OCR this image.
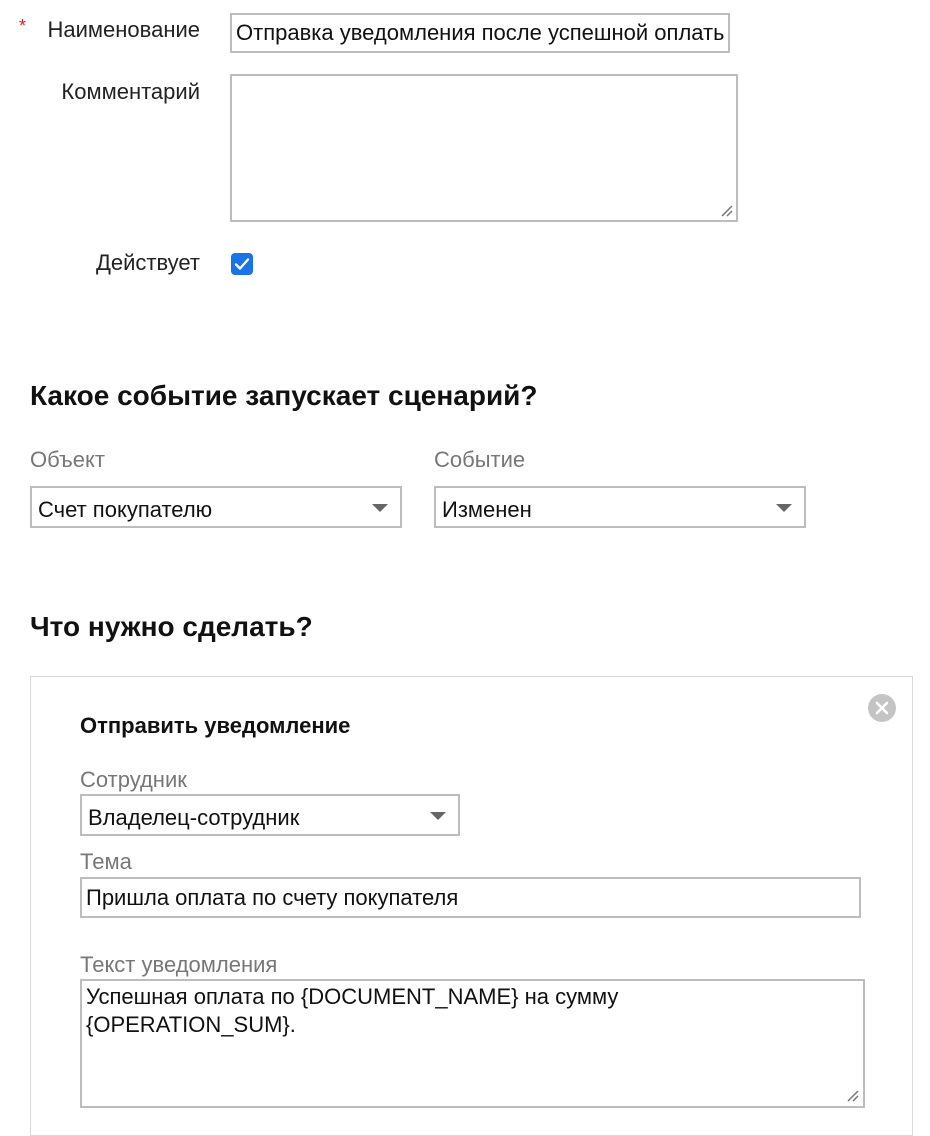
* Наименование
Отправка уведомления после успешной оплаты счета
Комментарий
Действует
Какое событие запускает сценарий?
Объект
Счет покупателю
Событие
Изменен
Что нужно сделать?
Отправить уведомление
Сотрудник
Владелец-сотрудник
Тема
Пришла оплата по счету покупателя
Текст уведомления
Успешная оплата по {DOCUMENT_NAME} на сумму {OPERATION_SUM}.
